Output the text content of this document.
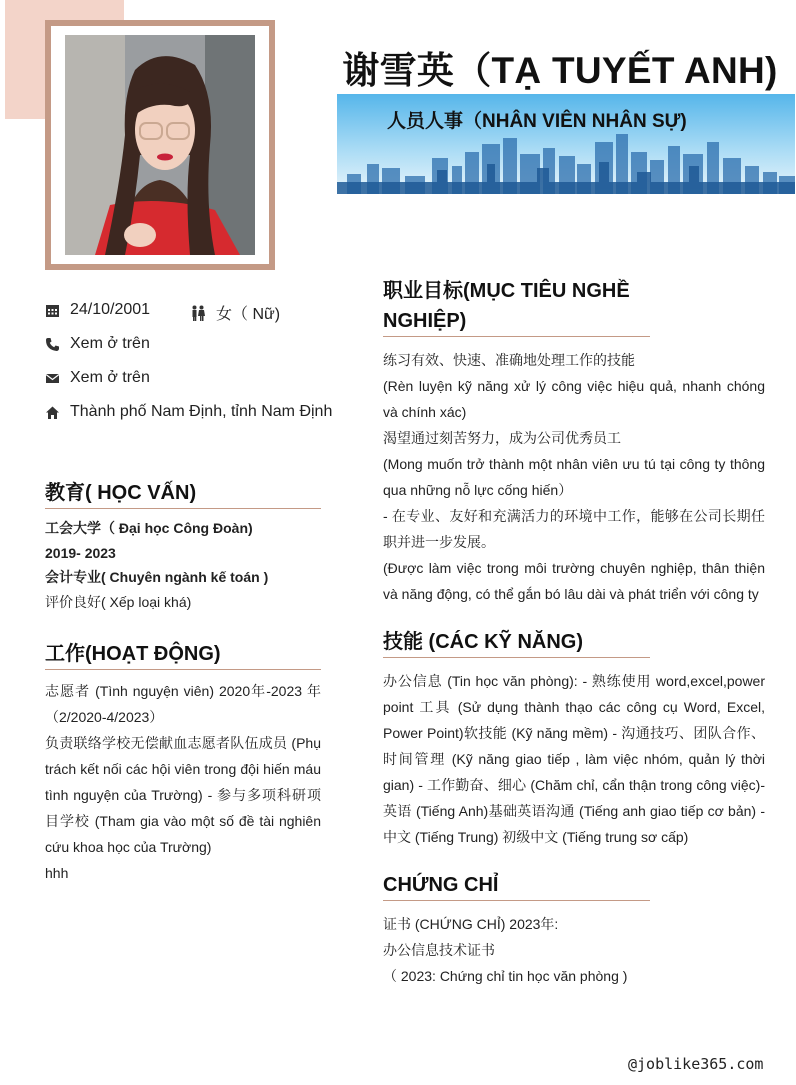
谢雪英（TẠ TUYẾT ANH)
人员人事（NHÂN VIÊN NHÂN SỰ)
24/10/2001	女（ Nữ)
Xem ở trên
Xem ở trên
Thành phố Nam Định, tỉnh Nam Định
教育( HỌC VẤN)
工会大学（ Đại học Công Đoàn)
2019- 2023
会计专业( Chuyên ngành kế toán )
评价良好( Xếp loại khá)
工作(HOẠT ĐỘNG)
志愿者 (Tình nguyện viên) 2020年-2023 年（2/2020-4/2023）
负责联络学校无偿献血志愿者队伍成员 (Phụ trách kết nối các hội viên trong đội hiến máu tình nguyện của Trường) - 参与多项科研项目学校 (Tham gia vào một số đề tài nghiên cứu khoa học của Trường)
hhh
职业目标(MỤC TIÊU NGHỀ NGHIỆP)
练习有效、快速、准确地处理工作的技能
(Rèn luyện kỹ năng xử lý công việc hiệu quả, nhanh chóng và chính xác)
渴望通过刻苦努力，成为公司优秀员工
(Mong muốn trở thành một nhân viên ưu tú tại công ty thông qua những nỗ lực cống hiến）
- 在专业、友好和充满活力的环境中工作，能够在公司长期任职并进一步发展。
(Được làm việc trong môi trường chuyên nghiệp, thân thiện và năng động, có thể gắn bó lâu dài và phát triển với công ty
技能 (CÁC KỸ NĂNG)
办公信息 (Tin học văn phòng): - 熟练使用 word,excel,power point 工具 (Sử dụng thành thạo các công cụ Word, Excel, Power Point)软技能 (Kỹ năng mềm) - 沟通技巧、团队合作、时间管理 (Kỹ năng giao tiếp , làm việc nhóm, quản lý thời gian) - 工作勤奋、细心 (Chăm chỉ, cẩn thận trong công việc)- 英语 (Tiếng Anh)基础英语沟通 (Tiếng anh giao tiếp cơ bản) - 中文 (Tiếng Trung) 初级中文 (Tiếng trung sơ cấp)
CHỨNG CHỈ
证书 (CHỨNG CHỈ) 2023年:
办公信息技术证书
（ 2023: Chứng chỉ tin học văn phòng )
@joblike365.com
